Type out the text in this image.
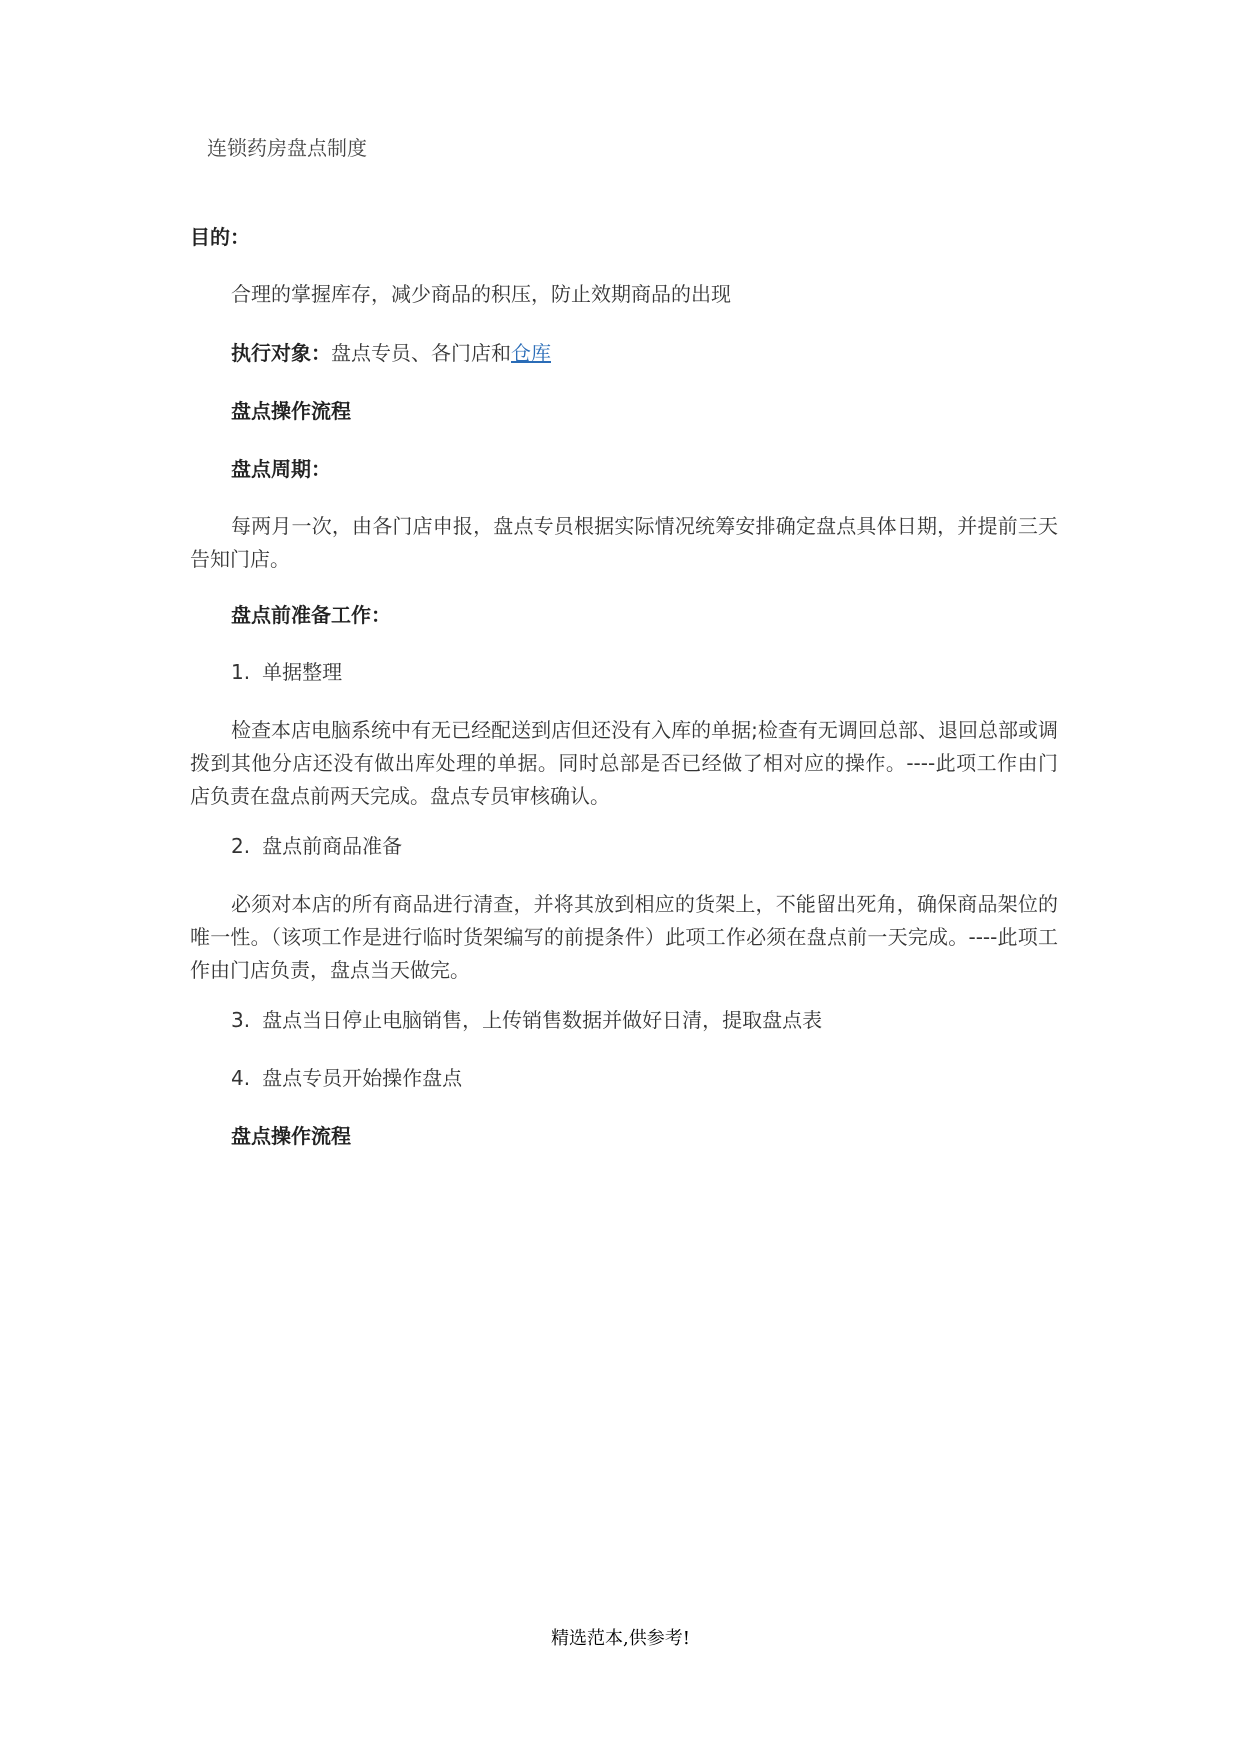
连锁药房盘点制度
目的：
合理的掌握库存，减少商品的积压，防止效期商品的出现
执行对象：盘点专员、各门店和仓库
盘点操作流程
盘点周期：
每两月一次，由各门店申报，盘点专员根据实际情况统筹安排确定盘点具体日期，并提前三天告知门店。
盘点前准备工作：
1. 单据整理
检查本店电脑系统中有无已经配送到店但还没有入库的单据;检查有无调回总部、退回总部或调拨到其他分店还没有做出库处理的单据。同时总部是否已经做了相对应的操作。----此项工作由门店负责在盘点前两天完成。盘点专员审核确认。
2. 盘点前商品准备
必须对本店的所有商品进行清查，并将其放到相应的货架上，不能留出死角，确保商品架位的唯一性。（该项工作是进行临时货架编写的前提条件）此项工作必须在盘点前一天完成。----此项工作由门店负责，盘点当天做完。
3. 盘点当日停止电脑销售，上传销售数据并做好日清，提取盘点表
4. 盘点专员开始操作盘点
盘点操作流程
精选范本,供参考!
